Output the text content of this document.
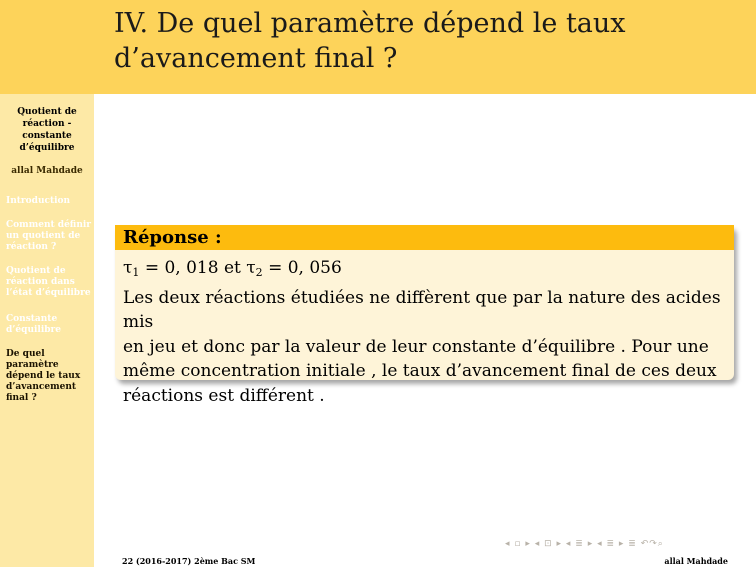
Quotient de
réaction -
constante
d’équilibre
allal Mahdade
Introduction
Comment définir
un quotient de
réaction ?
Quotient de
réaction dans
l’état d’équilibre
Constante
d’équilibre
De quel paramètre
dépend le taux
d’avancement
final ?
IV. De quel paramètre dépend le taux d’avancement final ?
Réponse :
$\tau_1 = 0$, 018 et $\tau_2 = 0$, 056
Les deux réactions étudiées ne diffèrent que par la nature des acides mis
en jeu et donc par la valeur de leur constante d’équilibre . Pour une
même concentration initiale , le taux d’avancement final de ces deux
réactions est différent .
◂ ▫ ▸ ◂ ⊡ ▸ ◂ ≣ ▸ ◂ ≣ ▸ ≣ ↶↷⌕
22 (2016-2017) 2ème Bac SM	allal Mahdade
